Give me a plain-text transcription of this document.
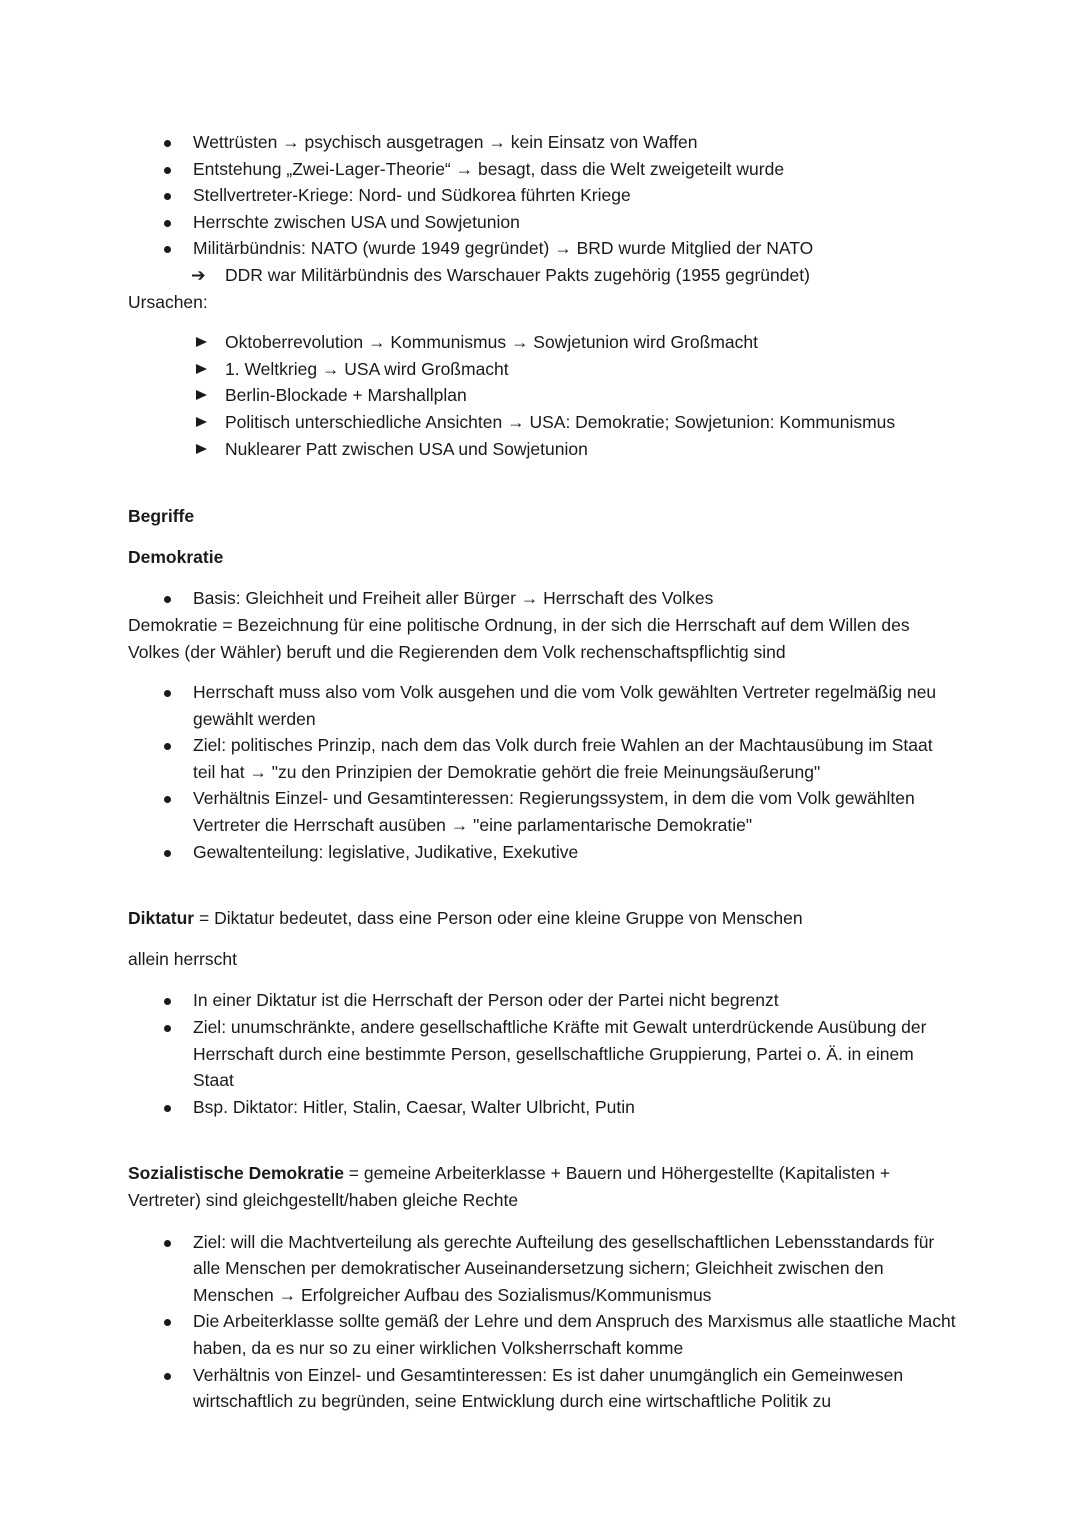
Wettrüsten → psychisch ausgetragen → kein Einsatz von Waffen
Entstehung „Zwei-Lager-Theorie“ → besagt, dass die Welt zweigeteilt wurde
Stellvertreter-Kriege: Nord- und Südkorea führten Kriege
Herrschte zwischen USA und Sowjetunion
Militärbündnis: NATO (wurde 1949 gegründet) → BRD wurde Mitglied der NATO
➔ DDR war Militärbündnis des Warschauer Pakts zugehörig (1955 gegründet)

Ursachen:

Oktoberrevolution → Kommunismus → Sowjetunion wird Großmacht
1. Weltkrieg → USA wird Großmacht
Berlin-Blockade + Marshallplan
Politisch unterschiedliche Ansichten → USA: Demokratie; Sowjetunion: Kommunismus
Nuklearer Patt zwischen USA und Sowjetunion

Begriffe

Demokratie

Basis: Gleichheit und Freiheit aller Bürger → Herrschaft des Volkes

Demokratie = Bezeichnung für eine politische Ordnung, in der sich die Herrschaft auf dem Willen des Volkes (der Wähler) beruft und die Regierenden dem Volk rechenschaftspflichtig sind

Herrschaft muss also vom Volk ausgehen und die vom Volk gewählten Vertreter regelmäßig neu gewählt werden
Ziel: politisches Prinzip, nach dem das Volk durch freie Wahlen an der Machtausübung im Staat teil hat → "zu den Prinzipien der Demokratie gehört die freie Meinungsäußerung"
Verhältnis Einzel- und Gesamtinteressen: Regierungssystem, in dem die vom Volk gewählten Vertreter die Herrschaft ausüben → "eine parlamentarische Demokratie"
Gewaltenteilung: legislative, Judikative, Exekutive

Diktatur = Diktatur bedeutet, dass eine Person oder eine kleine Gruppe von Menschen

allein herrscht

In einer Diktatur ist die Herrschaft der Person oder der Partei nicht begrenzt
Ziel: unumschränkte, andere gesellschaftliche Kräfte mit Gewalt unterdrückende Ausübung der Herrschaft durch eine bestimmte Person, gesellschaftliche Gruppierung, Partei o. Ä. in einem Staat
Bsp. Diktator: Hitler, Stalin, Caesar, Walter Ulbricht, Putin

Sozialistische Demokratie = gemeine Arbeiterklasse + Bauern und Höhergestellte (Kapitalisten + Vertreter) sind gleichgestellt/haben gleiche Rechte

Ziel: will die Machtverteilung als gerechte Aufteilung des gesellschaftlichen Lebensstandards für alle Menschen per demokratischer Auseinandersetzung sichern; Gleichheit zwischen den Menschen → Erfolgreicher Aufbau des Sozialismus/Kommunismus
Die Arbeiterklasse sollte gemäß der Lehre und dem Anspruch des Marxismus alle staatliche Macht haben, da es nur so zu einer wirklichen Volksherrschaft komme
Verhältnis von Einzel- und Gesamtinteressen: Es ist daher unumgänglich ein Gemeinwesen wirtschaftlich zu begründen, seine Entwicklung durch eine wirtschaftliche Politik zu
